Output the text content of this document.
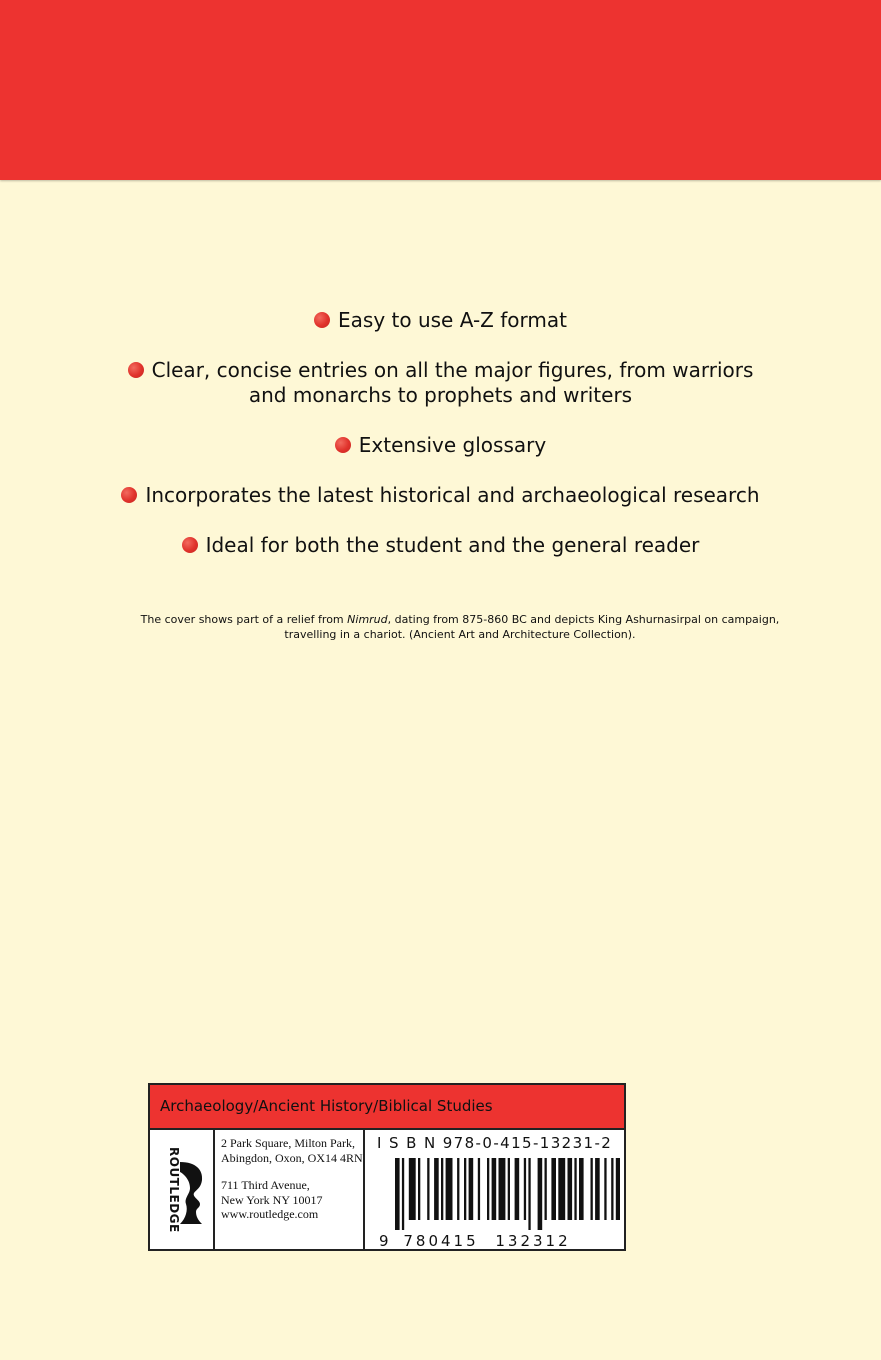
Easy to use A-Z format
Clear, concise entries on all the major figures, from warriors and monarchs to prophets and writers
Extensive glossary
Incorporates the latest historical and archaeological research
Ideal for both the student and the general reader
The cover shows part of a relief from Nimrud, dating from 875-860 BC and depicts King Ashurnasirpal on campaign, travelling in a chariot. (Ancient Art and Architecture Collection).
Archaeology/Ancient History/Biblical Studies
ROUTLEDGE
2 Park Square, Milton Park,
Abingdon, Oxon, OX14 4RN
711 Third Avenue,
New York NY 10017
www.routledge.com
I S B N 978-0-415-13231-2
9 780415 132312
